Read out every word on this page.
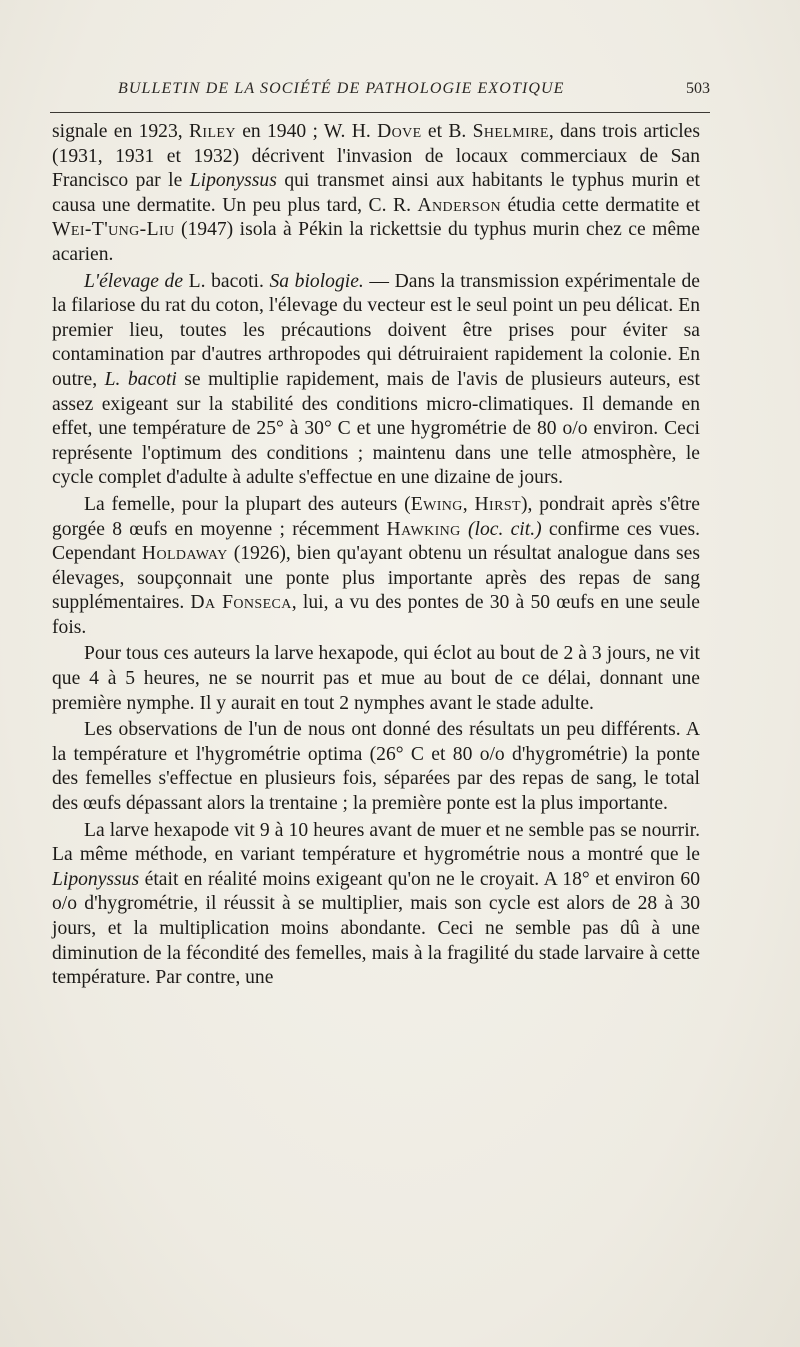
BULLETIN DE LA SOCIÉTÉ DE PATHOLOGIE EXOTIQUE	503

signale en 1923, Riley en 1940 ; W. H. Dove et B. Shelmire, dans trois articles (1931, 1931 et 1932) décrivent l'invasion de locaux commerciaux de San Francisco par le Liponyssus qui transmet ainsi aux habitants le typhus murin et causa une dermatite. Un peu plus tard, C. R. Anderson étudia cette dermatite et Wei-T'ung-Liu (1947) isola à Pékin la rickettsie du typhus murin chez ce même acarien.

L'élevage de L. bacoti. Sa biologie. — Dans la transmission expérimentale de la filariose du rat du coton, l'élevage du vecteur est le seul point un peu délicat. En premier lieu, toutes les précautions doivent être prises pour éviter sa contamination par d'autres arthropodes qui détruiraient rapidement la colonie. En outre, L. bacoti se multiplie rapidement, mais de l'avis de plusieurs auteurs, est assez exigeant sur la stabilité des conditions micro-climatiques. Il demande en effet, une température de 25° à 30° C et une hygrométrie de 80 o/o environ. Ceci représente l'optimum des conditions ; maintenu dans une telle atmosphère, le cycle complet d'adulte à adulte s'effectue en une dizaine de jours.

La femelle, pour la plupart des auteurs (Ewing, Hirst), pondrait après s'être gorgée 8 œufs en moyenne ; récemment Hawking (loc. cit.) confirme ces vues. Cependant Holdaway (1926), bien qu'ayant obtenu un résultat analogue dans ses élevages, soupçonnait une ponte plus importante après des repas de sang supplémentaires. Da Fonseca, lui, a vu des pontes de 30 à 50 œufs en une seule fois.

Pour tous ces auteurs la larve hexapode, qui éclot au bout de 2 à 3 jours, ne vit que 4 à 5 heures, ne se nourrit pas et mue au bout de ce délai, donnant une première nymphe. Il y aurait en tout 2 nymphes avant le stade adulte.

Les observations de l'un de nous ont donné des résultats un peu différents. A la température et l'hygrométrie optima (26° C et 80 o/o d'hygrométrie) la ponte des femelles s'effectue en plusieurs fois, séparées par des repas de sang, le total des œufs dépassant alors la trentaine ; la première ponte est la plus importante.

La larve hexapode vit 9 à 10 heures avant de muer et ne semble pas se nourrir. La même méthode, en variant température et hygrométrie nous a montré que le Liponyssus était en réalité moins exigeant qu'on ne le croyait. A 18° et environ 60 o/o d'hygrométrie, il réussit à se multiplier, mais son cycle est alors de 28 à 30 jours, et la multiplication moins abondante. Ceci ne semble pas dû à une diminution de la fécondité des femelles, mais à la fragilité du stade larvaire à cette température. Par contre, une
